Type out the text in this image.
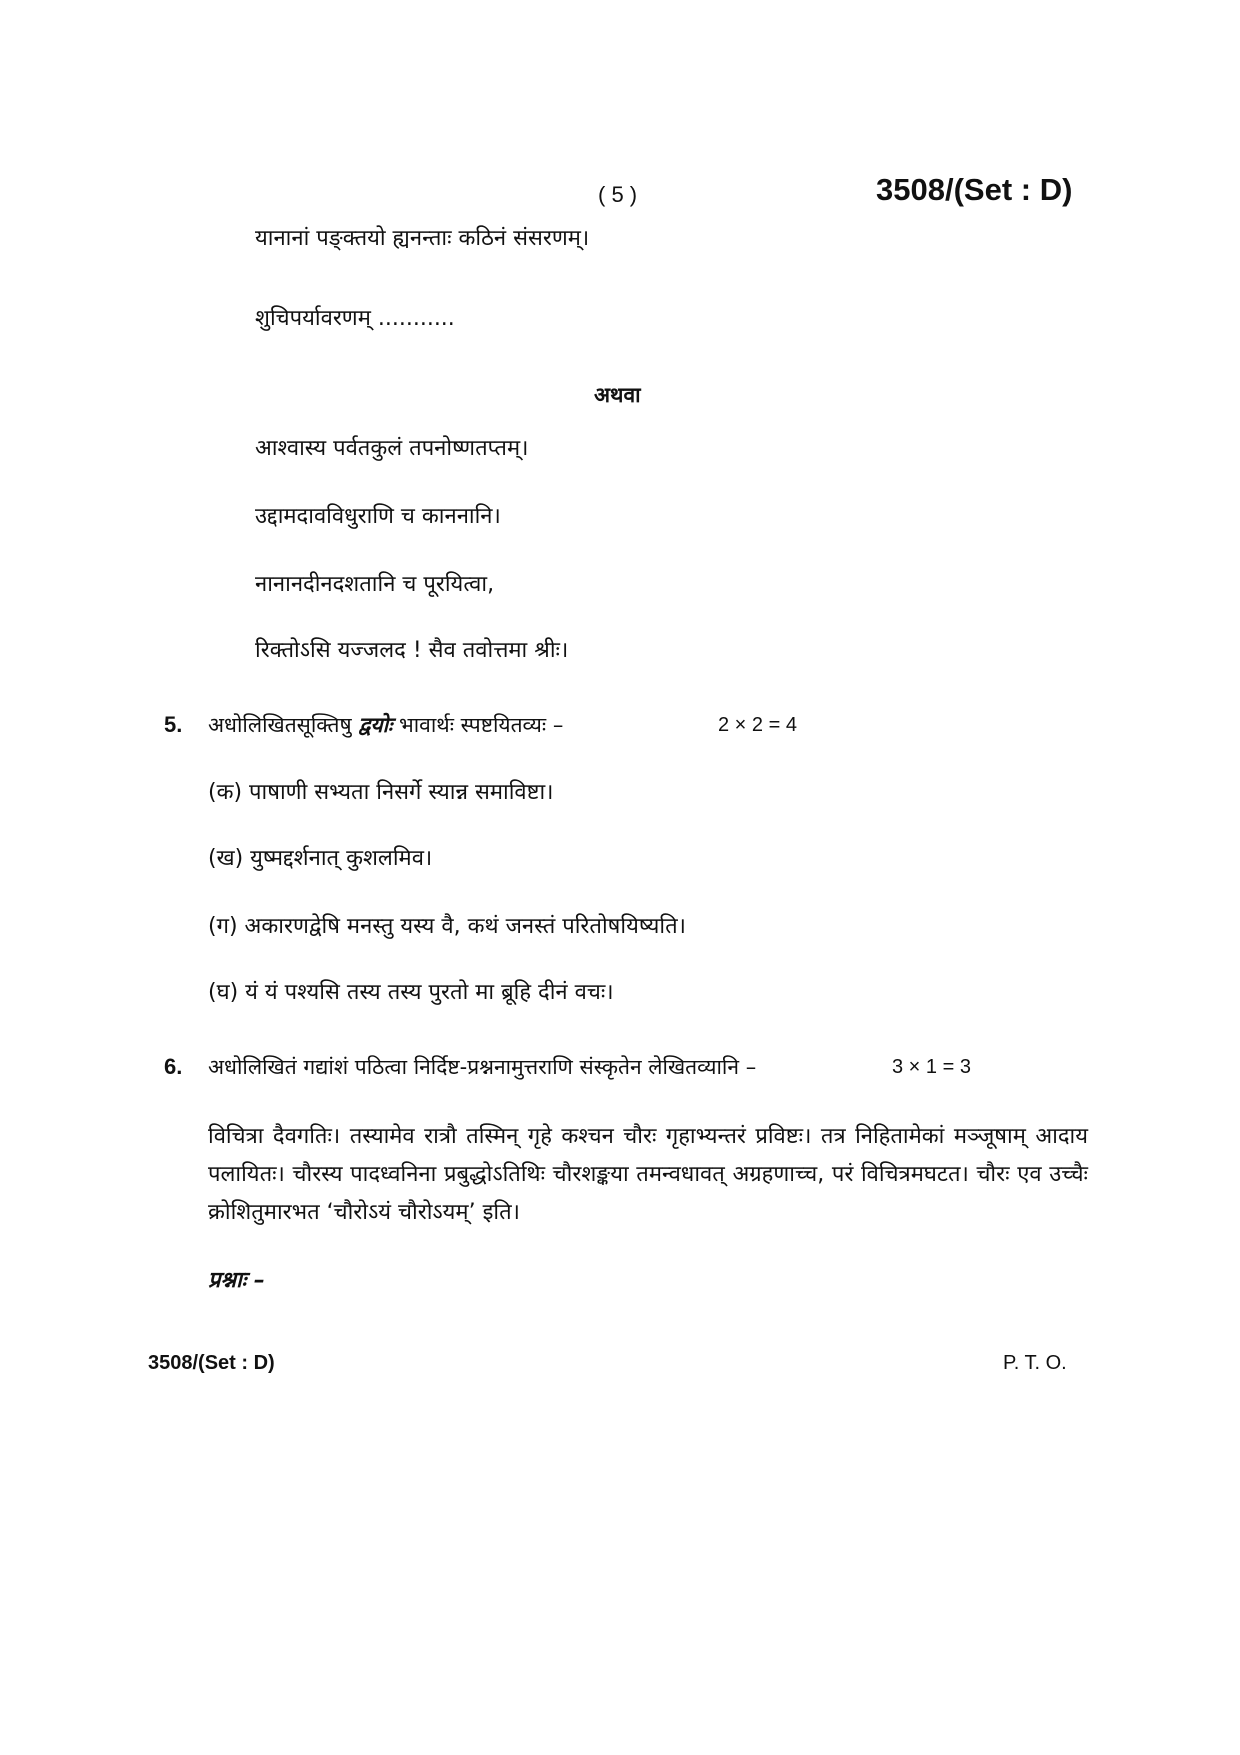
( 5 )	3508/(Set : D)
यानानां पङ्क्तयो ह्यनन्ताः कठिनं संसरणम्।
शुचिपर्यावरणम् ...........
अथवा
आश्वास्य पर्वतकुलं तपनोष्णतप्तम्।
उद्दामदावविधुराणि च काननानि।
नानानदीनदशतानि च पूरयित्वा,
रिक्तोऽसि यज्जलद ! सैव तवोत्तमा श्रीः।
5. अधोलिखितसूक्तिषु द्वयोः भावार्थः स्पष्टयितव्यः –	2 × 2 = 4
(क) पाषाणी सभ्यता निसर्गे स्यान्न समाविष्टा।
(ख) युष्मद्दर्शनात् कुशलमिव।
(ग) अकारणद्वेषि मनस्तु यस्य वै, कथं जनस्तं परितोषयिष्यति।
(घ) यं यं पश्यसि तस्य तस्य पुरतो मा ब्रूहि दीनं वचः।
6. अधोलिखितं गद्यांशं पठित्वा निर्दिष्ट-प्रश्ननामुत्तराणि संस्कृतेन लेखितव्यानि –	3 × 1 = 3

विचित्रा दैवगतिः। तस्यामेव रात्रौ तस्मिन् गृहे कश्चन चौरः गृहाभ्यन्तरं प्रविष्टः। तत्र निहितामेकां मञ्जूषाम् आदाय पलायितः। चौरस्य पादध्वनिना प्रबुद्धोऽतिथिः चौरशङ्कया तमन्वधावत् अग्रहणाच्च, परं विचित्रमघटत। चौरः एव उच्चैः क्रोशितुमारभत ‘चौरोऽयं चौरोऽयम्’ इति।

प्रश्नाः –
3508/(Set : D)	P. T. O.
